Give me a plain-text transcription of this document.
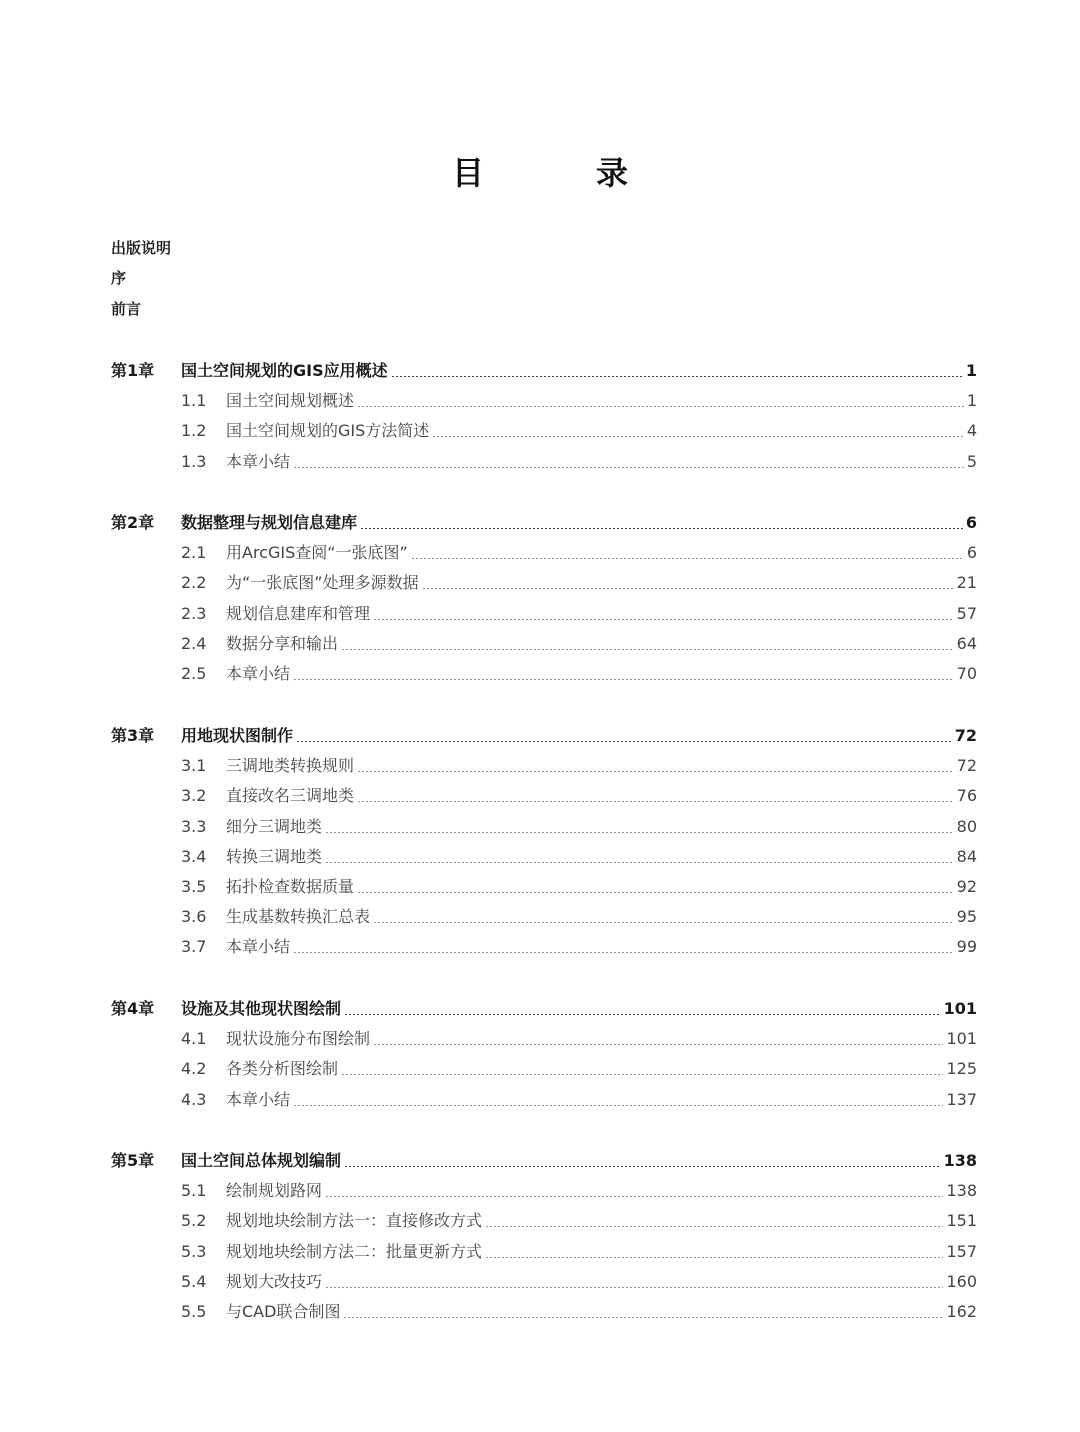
目　录
出版说明
序
前言
第1章	国土空间规划的GIS应用概述	1
1.1	国土空间规划概述	1
1.2	国土空间规划的GIS方法简述	4
1.3	本章小结	5
第2章	数据整理与规划信息建库	6
2.1	用ArcGIS查阅“一张底图”	6
2.2	为“一张底图”处理多源数据	21
2.3	规划信息建库和管理	57
2.4	数据分享和输出	64
2.5	本章小结	70
第3章	用地现状图制作	72
3.1	三调地类转换规则	72
3.2	直接改名三调地类	76
3.3	细分三调地类	80
3.4	转换三调地类	84
3.5	拓扑检查数据质量	92
3.6	生成基数转换汇总表	95
3.7	本章小结	99
第4章	设施及其他现状图绘制	101
4.1	现状设施分布图绘制	101
4.2	各类分析图绘制	125
4.3	本章小结	137
第5章	国土空间总体规划编制	138
5.1	绘制规划路网	138
5.2	规划地块绘制方法一：直接修改方式	151
5.3	规划地块绘制方法二：批量更新方式	157
5.4	规划大改技巧	160
5.5	与CAD联合制图	162
